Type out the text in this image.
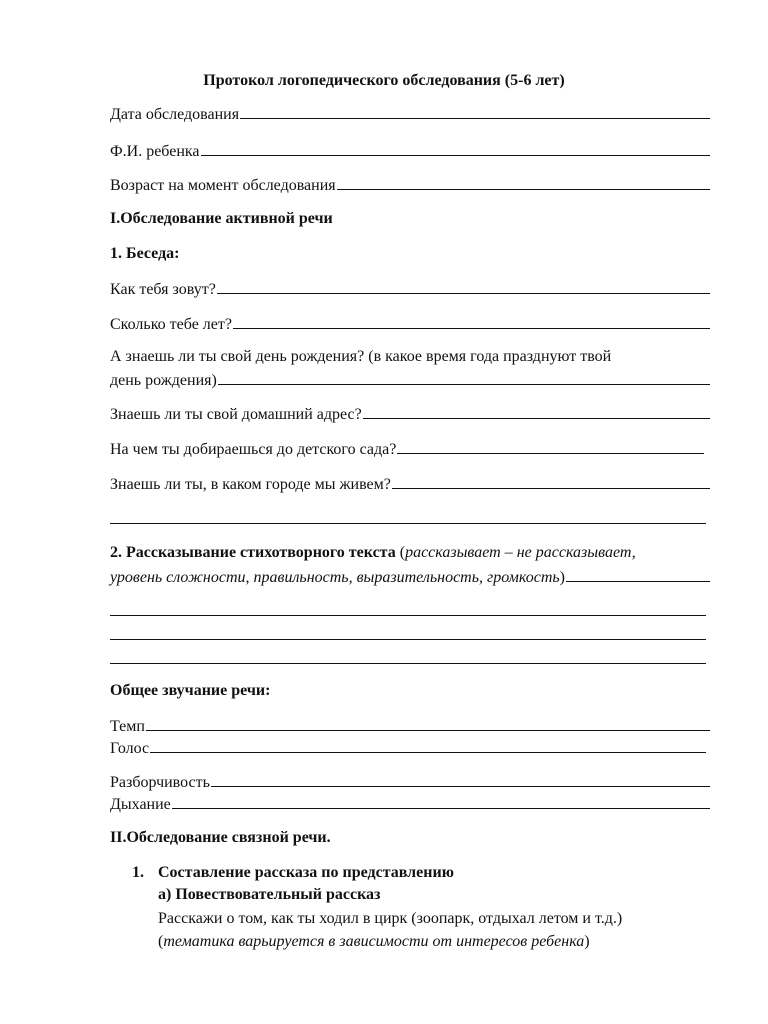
Протокол логопедического обследования (5-6 лет)
Дата обследования
Ф.И. ребенка
Возраст на момент обследования
I.Обследование активной речи
1. Беседа:
Как тебя зовут?
Сколько тебе лет?
А знаешь ли ты свой день рождения? (в какое время года празднуют твой
день рождения)
Знаешь ли ты свой домашний адрес?
На чем ты добираешься до детского сада?
Знаешь ли ты, в каком городе мы живем?
2. Рассказывание стихотворного текста (рассказывает – не рассказывает,
уровень сложности, правильность, выразительность, громкость )
Общее звучание речи:
Темп
Голос
Разборчивость
Дыхание
II.Обследование связной речи.
1. Составление рассказа по представлению
а) Повествовательный рассказ
Расскажи о том, как ты ходил в цирк (зоопарк, отдыхал летом и т.д.)
(тематика варьируется в зависимости от интересов ребенка)
